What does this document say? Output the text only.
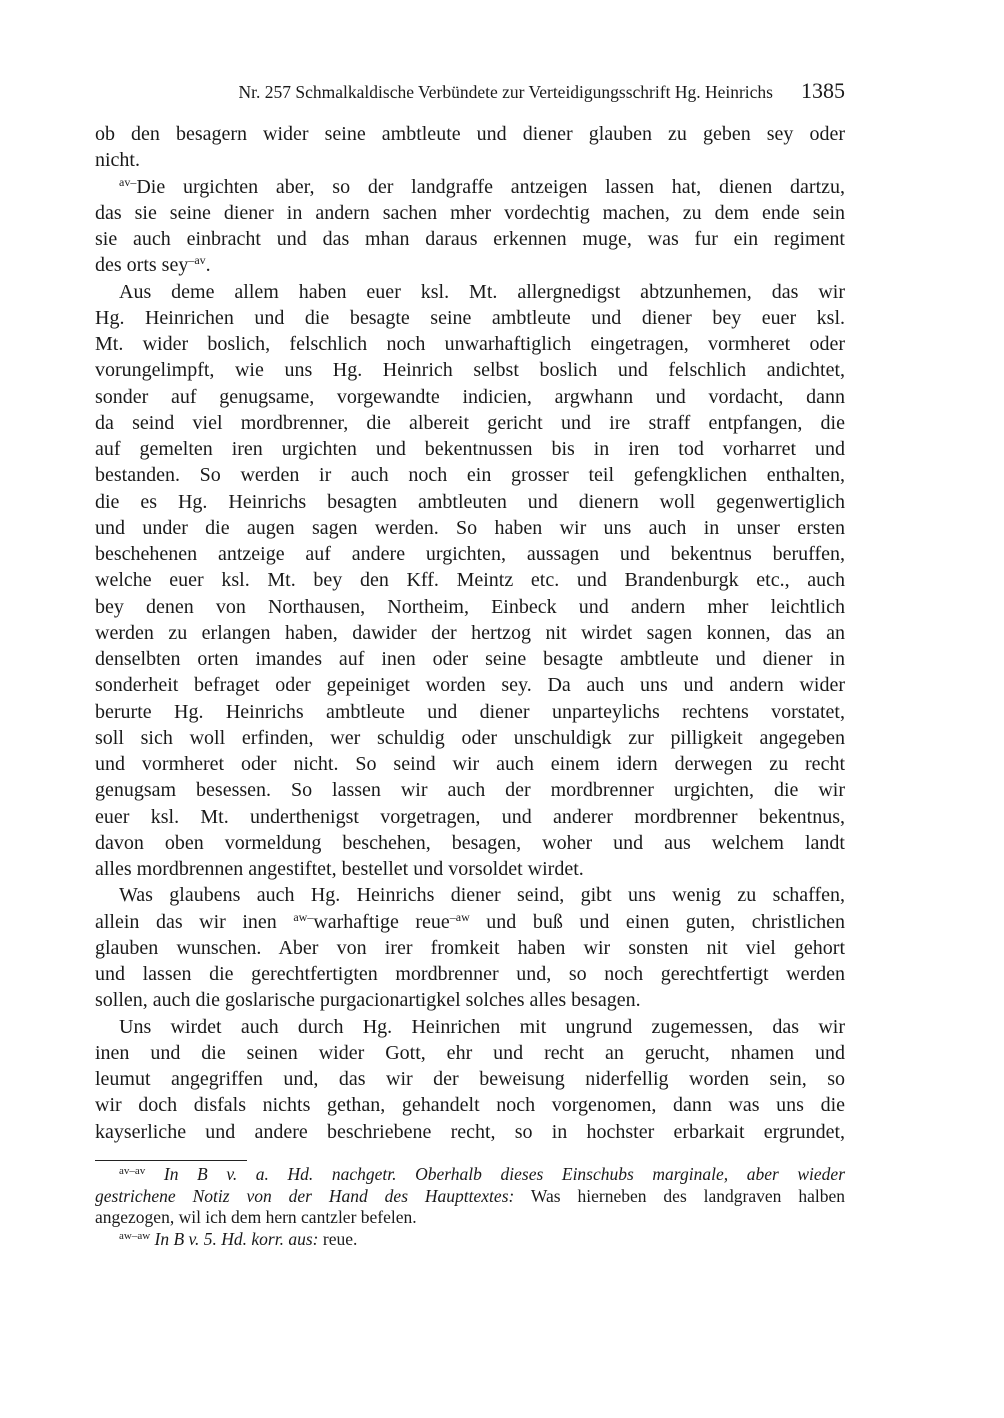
Nr. 257 Schmalkaldische Verbündete zur Verteidigungsschrift Hg. Heinrichs 1385
ob den besagern wider seine ambtleute und diener glauben zu geben sey oder
nicht.
$^{av-}$Die urgichten aber, so der landgraffe antzeigen lassen hat, dienen dartzu,
das sie seine diener in andern sachen mher vordechtig machen, zu dem ende sein
sie auch einbracht und das mhan daraus erkennen muge, was fur ein regiment
des orts sey$^{-av}$.
Aus deme allem haben euer ksl. Mt. allergnedigst abtzunhemen, das wir
Hg. Heinrichen und die besagte seine ambtleute und diener bey euer ksl.
Mt. wider boslich, felschlich noch unwarhaftiglich eingetragen, vormheret oder
vorungelimpft, wie uns Hg. Heinrich selbst boslich und felschlich andichtet,
sonder auf genugsame, vorgewandte indicien, argwhann und vordacht, dann
da seind viel mordbrenner, die albereit gericht und ire straff entpfangen, die
auf gemelten iren urgichten und bekentnussen bis in iren tod vorharret und
bestanden. So werden ir auch noch ein grosser teil gefengklichen enthalten,
die es Hg. Heinrichs besagten ambtleuten und dienern woll gegenwertiglich
und under die augen sagen werden. So haben wir uns auch in unser ersten
beschehenen antzeige auf andere urgichten, aussagen und bekentnus beruffen,
welche euer ksl. Mt. bey den Kff. Meintz etc. und Brandenburgk etc., auch
bey denen von Northausen, Northeim, Einbeck und andern mher leichtlich
werden zu erlangen haben, dawider der hertzog nit wirdet sagen konnen, das an
denselbten orten imandes auf inen oder seine besagte ambtleute und diener in
sonderheit befraget oder gepeiniget worden sey. Da auch uns und andern wider
berurte Hg. Heinrichs ambtleute und diener unparteylichs rechtens vorstatet,
soll sich woll erfinden, wer schuldig oder unschuldigk zur pilligkeit angegeben
und vormheret oder nicht. So seind wir auch einem idern derwegen zu recht
genugsam besessen. So lassen wir auch der mordbrenner urgichten, die wir
euer ksl. Mt. underthenigst vorgetragen, und anderer mordbrenner bekentnus,
davon oben vormeldung beschehen, besagen, woher und aus welchem landt
alles mordbrennen angestiftet, bestellet und vorsoldet wirdet.
Was glaubens auch Hg. Heinrichs diener seind, gibt uns wenig zu schaffen,
allein das wir inen $^{aw-}$warhaftige reue$^{-aw}$ und buß und einen guten, christlichen
glauben wunschen. Aber von irer fromkeit haben wir sonsten nit viel gehort
und lassen die gerechtfertigten mordbrenner und, so noch gerechtfertigt werden
sollen, auch die goslarische purgacionartigkel solches alles besagen.
Uns wirdet auch durch Hg. Heinrichen mit ungrund zugemessen, das wir
inen und die seinen wider Gott, ehr und recht an gerucht, nhamen und
leumut angegriffen und, das wir der beweisung niderfellig worden sein, so
wir doch disfals nichts gethan, gehandelt noch vorgenomen, dann was uns die
kayserliche und andere beschriebene recht, so in hochster erbarkait ergrundet,
$^{av-av}$ In B v. a. Hd. nachgetr. Oberhalb dieses Einschubs marginale, aber wieder
gestrichene Notiz von der Hand des Haupttextes: Was hierneben des landgraven halben
angezogen, wil ich dem hern cantzler befelen.
$^{aw-aw}$ In B v. 5. Hd. korr. aus: reue.
